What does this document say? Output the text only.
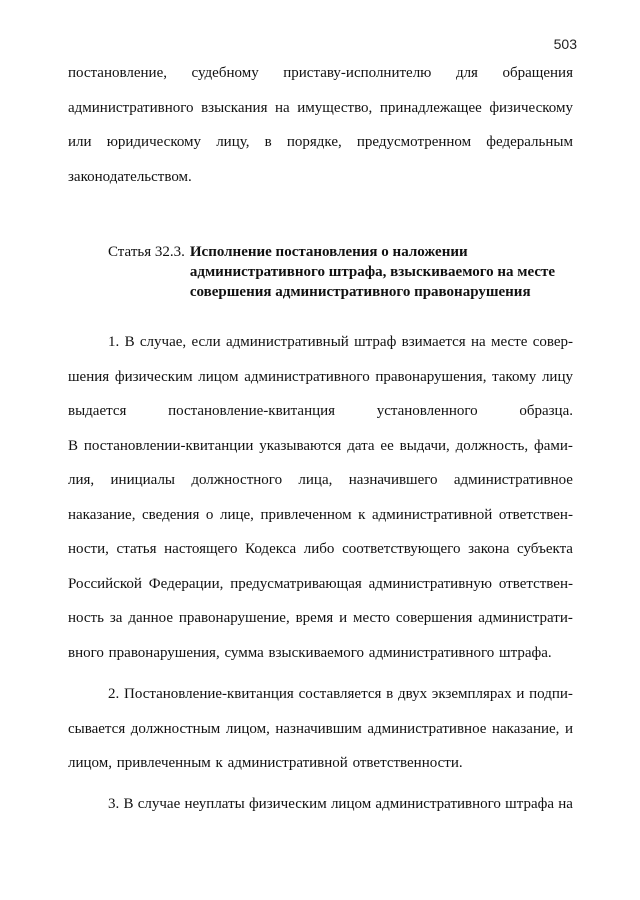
503
постановление, судебному приставу-исполнителю для обращения
административного взыскания на имущество, принадлежащее физическому
или юридическому лицу, в порядке, предусмотренном федеральным
законодательством.
Статья 32.3. Исполнение постановления о наложении
административного штрафа, взыскиваемого на месте
совершения административного правонарушения
1. В случае, если административный штраф взимается на месте совер-
шения физическим лицом административного правонарушения, такому лицу
выдается	постановление-квитанция	установленного	образца.
В постановлении-квитанции указываются дата ее выдачи, должность, фами-
лия, инициалы должностного лица, назначившего административное
наказание, сведения о лице, привлеченном к административной ответствен-
ности, статья настоящего Кодекса либо соответствующего закона субъекта
Российской Федерации, предусматривающая административную ответствен-
ность за данное правонарушение, время и место совершения администрати-
вного правонарушения, сумма взыскиваемого административного штрафа.
2. Постановление-квитанция составляется в двух экземплярах и подпи-
сывается должностным лицом, назначившим административное наказание, и
лицом, привлеченным к административной ответственности.
3. В случае неуплаты физическим лицом административного штрафа на
